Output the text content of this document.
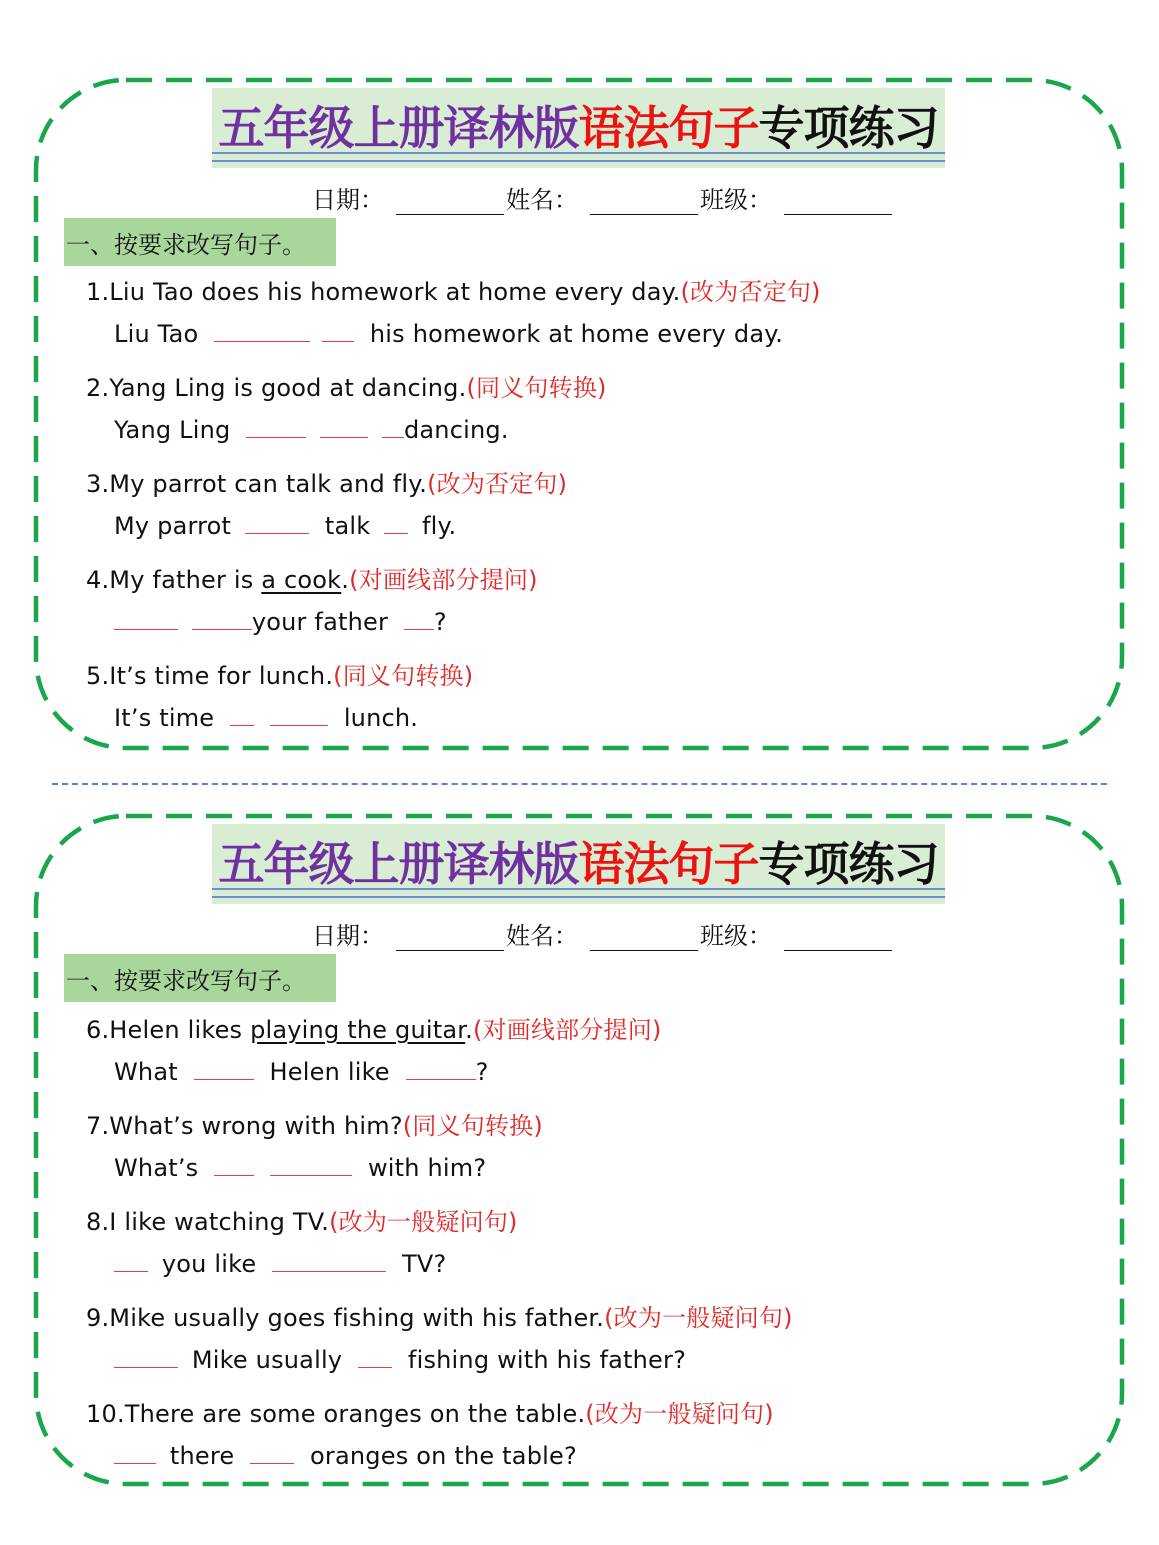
五年级上册译林版语法句子专项练习
日期：	姓名：	班级：
一、按要求改写句子。
1.Liu Tao does his homework at home every day.(改为否定句)
Liu Tao	his homework at home every day.
2.Yang Ling is good at dancing.(同义句转换)
Yang Ling	dancing.
3.My parrot can talk and fly.(改为否定句)
My parrot	talk fly.
4.My father is a cook.(对画线部分提问)
your father ?
5.It’s time for lunch.(同义句转换)
It’s time	lunch.
五年级上册译林版语法句子专项练习
日期：	姓名：	班级：
一、按要求改写句子。
6.Helen likes playing the guitar.(对画线部分提问)
What	Helen like	?
7.What’s wrong with him?(同义句转换)
What’s	with him?
8.I like watching TV.(改为一般疑问句)
you like	TV?
9.Mike usually goes fishing with his father.(改为一般疑问句)
Mike usually	fishing with his father?
10.There are some oranges on the table.(改为一般疑问句)
there	oranges on the table?
